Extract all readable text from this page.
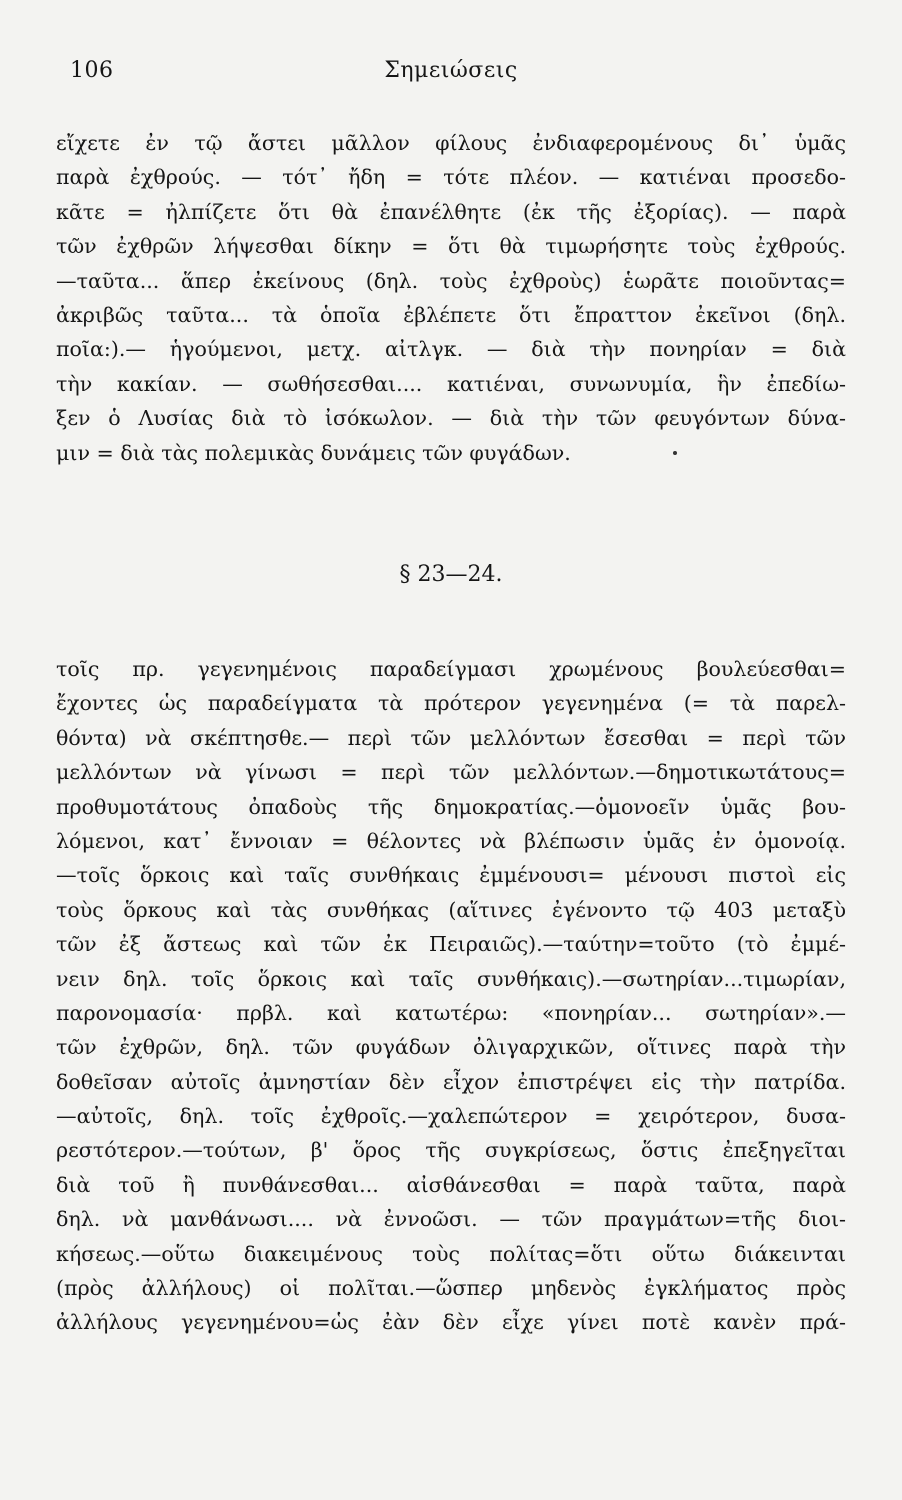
106	Σημειώσεις
εἴχετε ἐν τῷ ἄστει μᾶλλον φίλους ἐνδιαφερομένους δι᾽ ὑμᾶς
παρὰ ἐχθρούς. — τότ᾽ ἤδη = τότε πλέον. — κατιέναι προσεδο-
κᾶτε = ἠλπίζετε ὅτι θὰ ἐπανέλθητε (ἐκ τῆς ἐξορίας). — παρὰ
τῶν ἐχθρῶν λήψεσθαι δίκην = ὅτι θὰ τιμωρήσητε τοὺς ἐχθρούς.
—ταῦτα... ἅπερ ἐκείνους (δηλ. τοὺς ἐχθροὺς) ἑωρᾶτε ποιοῦντας=
ἀκριβῶς ταῦτα... τὰ ὁποῖα ἐβλέπετε ὅτι ἔπραττον ἐκεῖνοι (δηλ.
ποῖα:).— ἡγούμενοι, μετχ. αἰτλγκ. — διὰ τὴν πονηρίαν = διὰ
τὴν κακίαν. — σωθήσεσθαι.... κατιέναι, συνωνυμία, ἣν ἐπεδίω-
ξεν ὁ Λυσίας διὰ τὸ ἰσόκωλον. — διὰ τὴν τῶν φευγόντων δύνα-
μιν = διὰ τὰς πολεμικὰς δυνάμεις τῶν φυγάδων.
§ 23—24.
τοῖς πρ. γεγενημένοις παραδείγμασι χρωμένους βουλεύεσθαι=
ἔχοντες ὡς παραδείγματα τὰ πρότερον γεγενημένα (= τὰ παρελ-
θόντα) νὰ σκέπτησθε.— περὶ τῶν μελλόντων ἔσεσθαι = περὶ τῶν
μελλόντων νὰ γίνωσι = περὶ τῶν μελλόντων.—δημοτικωτάτους=
προθυμοτάτους ὀπαδοὺς τῆς δημοκρατίας.—ὁμονοεῖν ὑμᾶς βου-
λόμενοι, κατ᾽ ἔννοιαν = θέλοντες νὰ βλέπωσιν ὑμᾶς ἐν ὁμονοίᾳ.
—τοῖς ὅρκοις καὶ ταῖς συνθήκαις ἐμμένουσι= μένουσι πιστοὶ εἰς
τοὺς ὅρκους καὶ τὰς συνθήκας (αἵτινες ἐγένοντο τῷ 403 μεταξὺ
τῶν ἐξ ἄστεως καὶ τῶν ἐκ Πειραιῶς).—ταύτην=τοῦτο (τὸ ἐμμέ-
νειν δηλ. τοῖς ὅρκοις καὶ ταῖς συνθήκαις).—σωτηρίαν...τιμωρίαν,
παρονομασία· πρβλ. καὶ κατωτέρω: «πονηρίαν... σωτηρίαν».—
τῶν ἐχθρῶν, δηλ. τῶν φυγάδων ὀλιγαρχικῶν, οἵτινες παρὰ τὴν
δοθεῖσαν αὐτοῖς ἀμνηστίαν δὲν εἶχον ἐπιστρέψει εἰς τὴν πατρίδα.
—αὐτοῖς, δηλ. τοῖς ἐχθροῖς.—χαλεπώτερον = χειρότερον, δυσα-
ρεστότερον.—τούτων, β' ὅρος τῆς συγκρίσεως, ὅστις ἐπεξηγεῖται
διὰ τοῦ ἢ πυνθάνεσθαι... αἰσθάνεσθαι = παρὰ ταῦτα, παρὰ
δηλ. νὰ μανθάνωσι.... νὰ ἐννοῶσι. — τῶν πραγμάτων=τῆς διοι-
κήσεως.—οὕτω διακειμένους τοὺς πολίτας=ὅτι οὕτω διάκεινται
(πρὸς ἀλλήλους) οἱ πολῖται.—ὥσπερ μηδενὸς ἐγκλήματος πρὸς
ἀλλήλους γεγενημένου=ὡς ἐὰν δὲν εἶχε γίνει ποτὲ κανὲν πρά-
